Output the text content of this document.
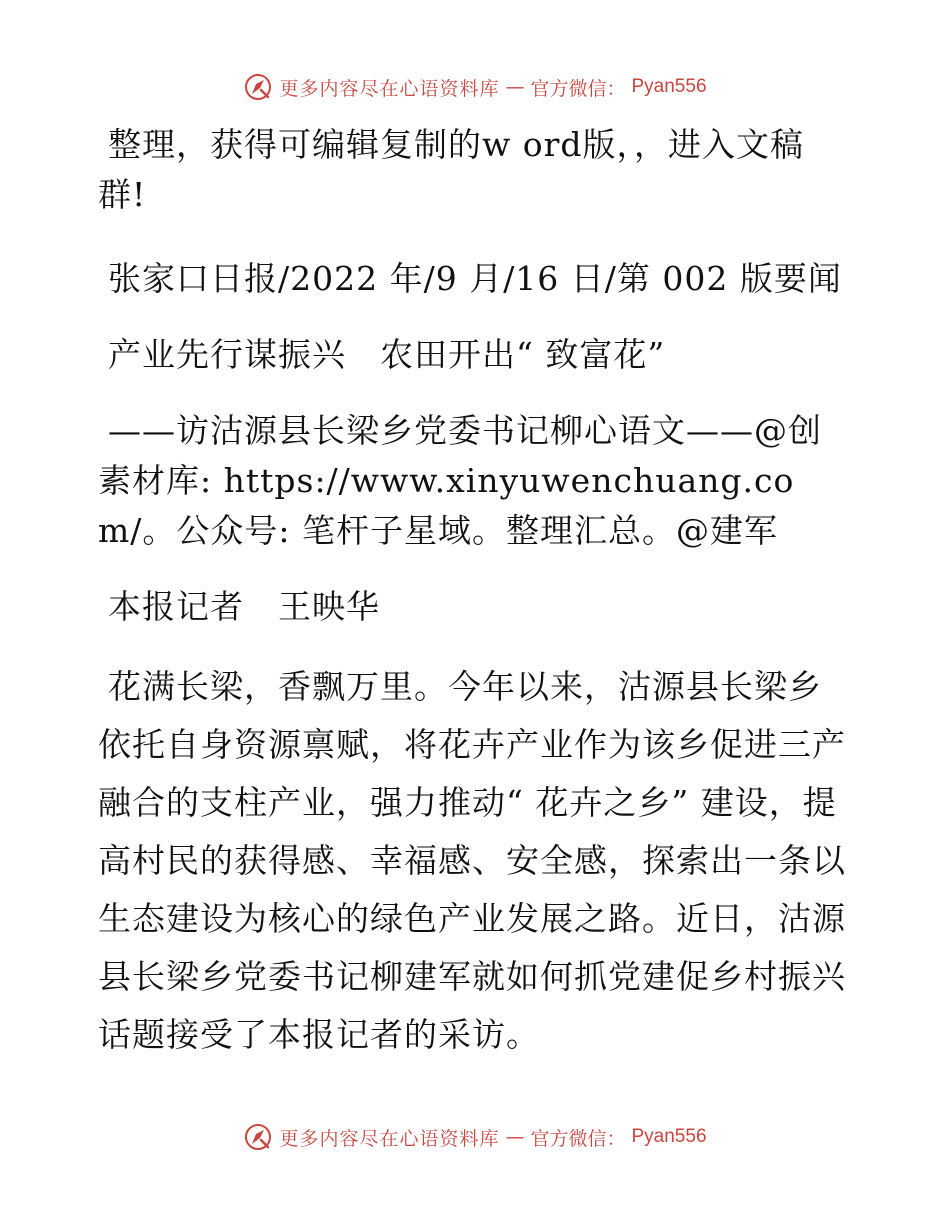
更多内容尽在心语资料库 — 官方微信： Pyan556

整理，获得可编辑复制的w ord版，，进入文稿群!

张家口日报/2022 年/9 月/16 日/第 002 版要闻

产业先行谋振兴　农田开出“ 致富花”

——访沽源县长梁乡党委书记柳心语文——@创素材库: https://www.xinyuwenchuang.com/。公众号: 笔杆子星域。整理汇总。@建军

本报记者　王映华

花满长梁，香飘万里。今年以来，沽源县长梁乡依托自身资源禀赋，将花卉产业作为该乡促进三产融合的支柱产业，强力推动“ 花卉之乡” 建设，提高村民的获得感、幸福感、安全感，探索出一条以生态建设为核心的绿色产业发展之路。近日，沽源县长梁乡党委书记柳建军就如何抓党建促乡村振兴话题接受了本报记者的采访。

更多内容尽在心语资料库 — 官方微信： Pyan556
